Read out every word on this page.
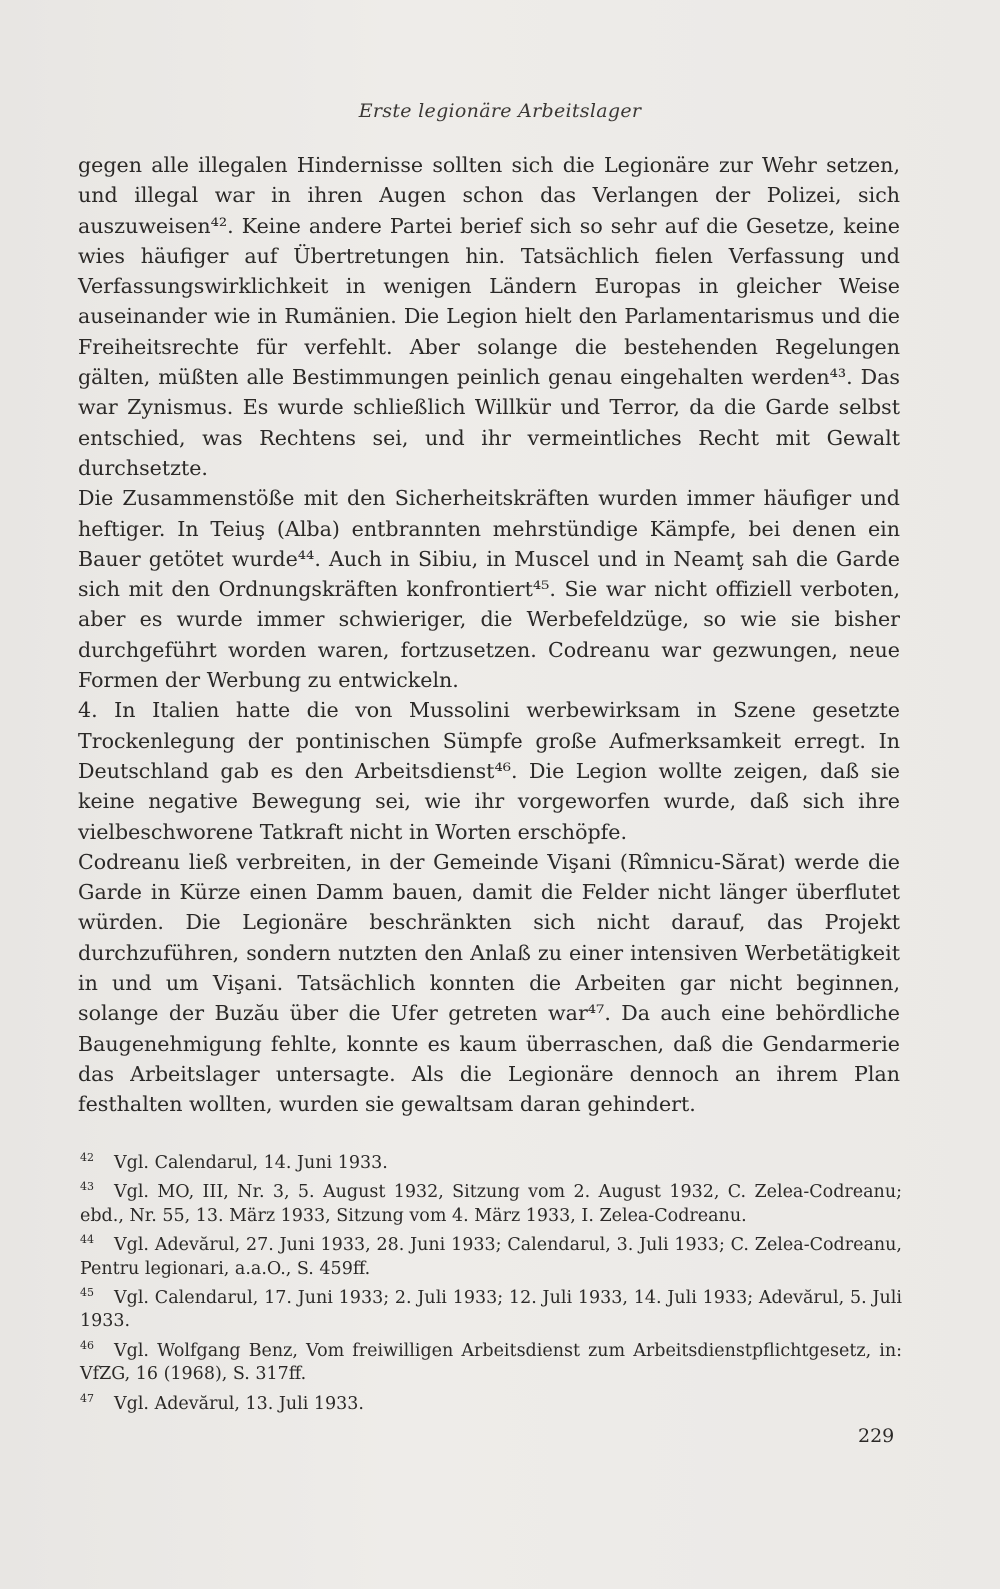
Erste legionäre Arbeitslager

gegen alle illegalen Hindernisse sollten sich die Legionäre zur Wehr setzen, und illegal war in ihren Augen schon das Verlangen der Polizei, sich auszuweisen⁴². Keine andere Partei berief sich so sehr auf die Gesetze, keine wies häufiger auf Übertretungen hin. Tatsächlich fielen Verfassung und Verfassungswirklichkeit in wenigen Ländern Europas in gleicher Weise auseinander wie in Rumänien. Die Legion hielt den Parlamentarismus und die Freiheitsrechte für verfehlt. Aber solange die bestehenden Regelungen gälten, müßten alle Bestimmungen peinlich genau eingehalten werden⁴³. Das war Zynismus. Es wurde schließlich Willkür und Terror, da die Garde selbst entschied, was Rechtens sei, und ihr vermeintliches Recht mit Gewalt durchsetzte.

Die Zusammenstöße mit den Sicherheitskräften wurden immer häufiger und heftiger. In Teiuş (Alba) entbrannten mehrstündige Kämpfe, bei denen ein Bauer getötet wurde⁴⁴. Auch in Sibiu, in Muscel und in Neamţ sah die Garde sich mit den Ordnungskräften konfrontiert⁴⁵. Sie war nicht offiziell verboten, aber es wurde immer schwieriger, die Werbefeldzüge, so wie sie bisher durchgeführt worden waren, fortzusetzen. Codreanu war gezwungen, neue Formen der Werbung zu entwickeln.

4. In Italien hatte die von Mussolini werbewirksam in Szene gesetzte Trockenlegung der pontinischen Sümpfe große Aufmerksamkeit erregt. In Deutschland gab es den Arbeitsdienst⁴⁶. Die Legion wollte zeigen, daß sie keine negative Bewegung sei, wie ihr vorgeworfen wurde, daß sich ihre vielbeschworene Tatkraft nicht in Worten erschöpfe.

Codreanu ließ verbreiten, in der Gemeinde Vişani (Rîmnicu-Sărat) werde die Garde in Kürze einen Damm bauen, damit die Felder nicht länger überflutet würden. Die Legionäre beschränkten sich nicht darauf, das Projekt durchzuführen, sondern nutzten den Anlaß zu einer intensiven Werbetätigkeit in und um Vişani. Tatsächlich konnten die Arbeiten gar nicht beginnen, solange der Buzău über die Ufer getreten war⁴⁷. Da auch eine behördliche Baugenehmigung fehlte, konnte es kaum überraschen, daß die Gendarmerie das Arbeitslager untersagte. Als die Legionäre dennoch an ihrem Plan festhalten wollten, wurden sie gewaltsam daran gehindert.

42 Vgl. Calendarul, 14. Juni 1933.

43 Vgl. MO, III, Nr. 3, 5. August 1932, Sitzung vom 2. August 1932, C. Zelea-Codreanu; ebd., Nr. 55, 13. März 1933, Sitzung vom 4. März 1933, I. Zelea-Codreanu.

44 Vgl. Adevărul, 27. Juni 1933, 28. Juni 1933; Calendarul, 3. Juli 1933; C. Zelea-Codreanu, Pentru legionari, a.a.O., S. 459ff.

45 Vgl. Calendarul, 17. Juni 1933; 2. Juli 1933; 12. Juli 1933, 14. Juli 1933; Adevărul, 5. Juli 1933.

46 Vgl. Wolfgang Benz, Vom freiwilligen Arbeitsdienst zum Arbeitsdienstpflichtgesetz, in: VfZG, 16 (1968), S. 317ff.

47 Vgl. Adevărul, 13. Juli 1933.

229
